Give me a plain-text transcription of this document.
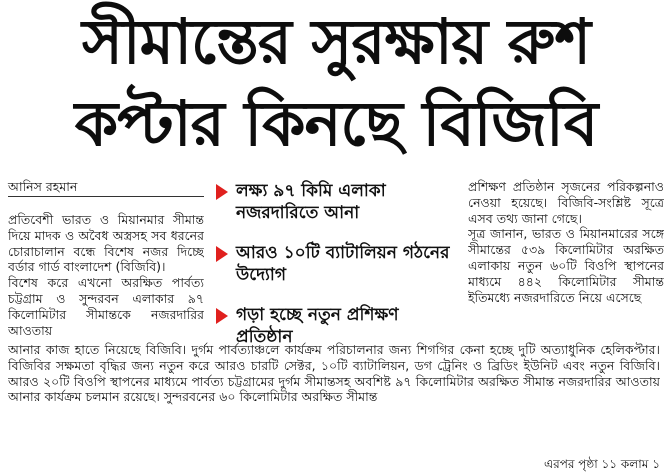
সীমান্তের সুরক্ষায় রুশ
কপ্টার কিনছে বিজিবি
আনিস রহমান

প্রতিবেশী ভারত ও মিয়ানমার সীমান্ত দিয়ে মাদক ও অবৈধ অস্ত্রসহ সব ধরনের চোরাচালান বন্ধে বিশেষ নজর দিচ্ছে বর্ডার গার্ড বাংলাদেশ (বিজিবি)।

বিশেষ করে এখনো অরক্ষিত পার্বত্য চট্টগ্রাম ও সুন্দরবন এলাকার ৯৭ কিলোমিটার সীমান্তকে নজরদারির আওতায়

লক্ষ্য ৯৭ কিমি এলাকা নজরদারিতে আনা
আরও ১০টি ব্যাটালিয়ন গঠনের উদ্যোগ
গড়া হচ্ছে নতুন প্রশিক্ষণ প্রতিষ্ঠান

প্রশিক্ষণ প্রতিষ্ঠান সৃজনের পরিকল্পনাও নেওয়া হয়েছে। বিজিবি-সংশ্লিষ্ট সূত্রে এসব তথ্য জানা গেছে।

সূত্র জানান, ভারত ও মিয়ানমারের সঙ্গে সীমান্তের ৫৩৯ কিলোমিটার অরক্ষিত এলাকায় নতুন ৬০টি বিওপি স্থাপনের মাধ্যমে ৪৪২ কিলোমিটার সীমান্ত ইতিমধ্যে নজরদারিতে নিয়ে এসেছে

আনার কাজ হাতে নিয়েছে বিজিবি। দুর্গম পার্বত্যাঞ্চলে কার্যক্রম পরিচালনার জন্য শিগগির কেনা হচ্ছে দুটি অত্যাধুনিক হেলিকপ্টার। বিজিবির সক্ষমতা বৃদ্ধির জন্য নতুন করে আরও চারটি সেক্টর, ১০টি ব্যাটালিয়ন, ডগ ট্রেনিং ও ব্রিডিং ইউনিট এবং নতুন বিজিবি। আরও ২০টি বিওপি স্থাপনের মাধ্যমে পার্বত্য চট্টগ্রামের দুর্গম সীমান্তসহ অবশিষ্ট ৯৭ কিলোমিটার অরক্ষিত সীমান্ত নজরদারির আওতায় আনার কার্যক্রম চলমান রয়েছে। সুন্দরবনের ৬০ কিলোমিটার অরক্ষিত সীমান্ত

এরপর পৃষ্ঠা ১১ কলাম ১
